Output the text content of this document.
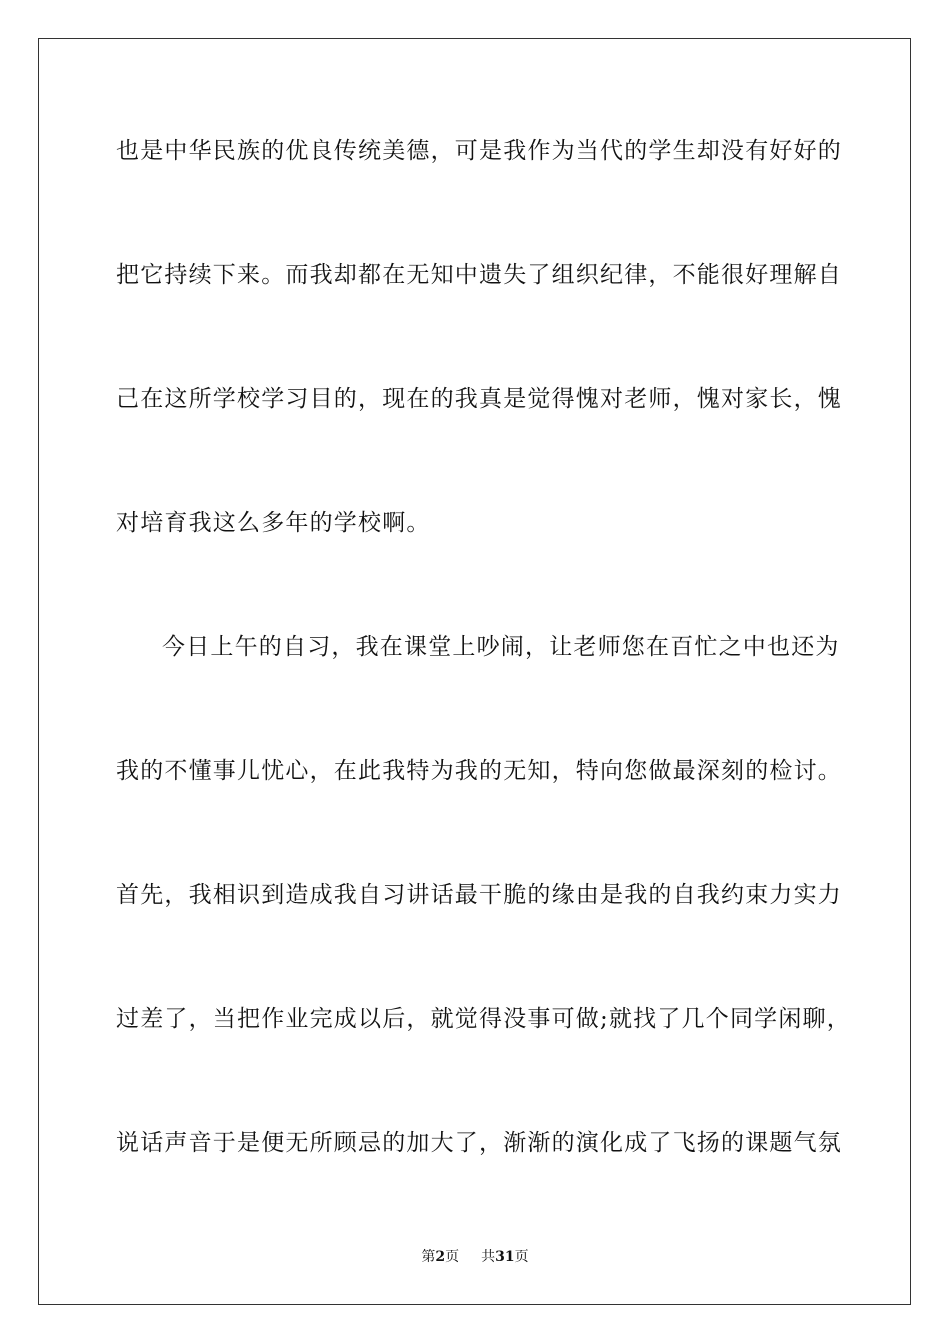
也是中华民族的优良传统美德，可是我作为当代的学生却没有好好的
把它持续下来。而我却都在无知中遗失了组织纪律，不能很好理解自
己在这所学校学习目的，现在的我真是觉得愧对老师，愧对家长，愧
对培育我这么多年的学校啊。
今日上午的自习，我在课堂上吵闹，让老师您在百忙之中也还为
我的不懂事儿忧心，在此我特为我的无知，特向您做最深刻的检讨。
首先，我相识到造成我自习讲话最干脆的缘由是我的自我约束力实力
过差了，当把作业完成以后，就觉得没事可做;就找了几个同学闲聊，
说话声音于是便无所顾忌的加大了，渐渐的演化成了飞扬的课题气氛
第2页 共31页
